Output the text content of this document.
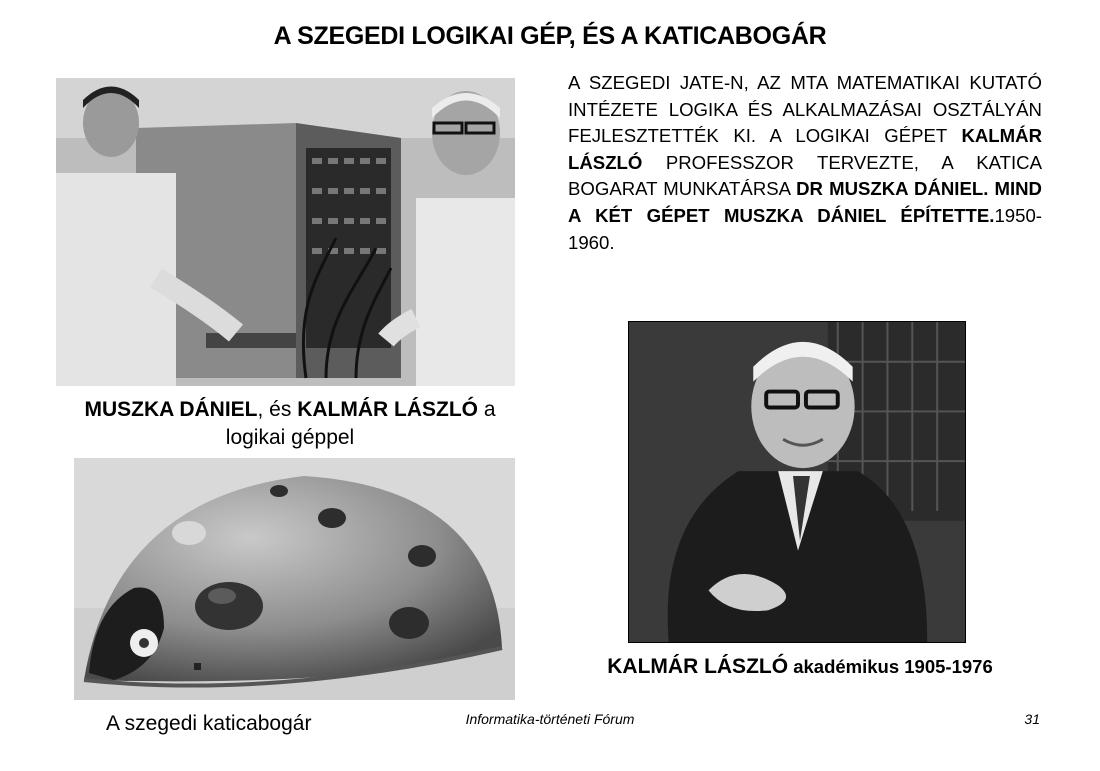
A SZEGEDI LOGIKAI GÉP, ÉS A KATICABOGÁR
A SZEGEDI JATE-N, AZ MTA MATEMATIKAI KUTATÓ INTÉZETE LOGIKA ÉS ALKALMAZÁSAI OSZTÁLYÁN FEJLESZTETTÉK KI. A LOGIKAI GÉPET KALMÁR LÁSZLÓ PROFESSZOR TERVEZTE, A KATICA BOGARAT MUNKATÁRSA DR MUSZKA DÁNIEL. MIND A KÉT GÉPET MUSZKA DÁNIEL ÉPÍTETTE.1950-1960.
MUSZKA DÁNIEL, és KALMÁR LÁSZLÓ a logikai géppel
A szegedi katicabogár
KALMÁR LÁSZLÓ akadémikus 1905-1976
Informatika-történeti Fórum	31
